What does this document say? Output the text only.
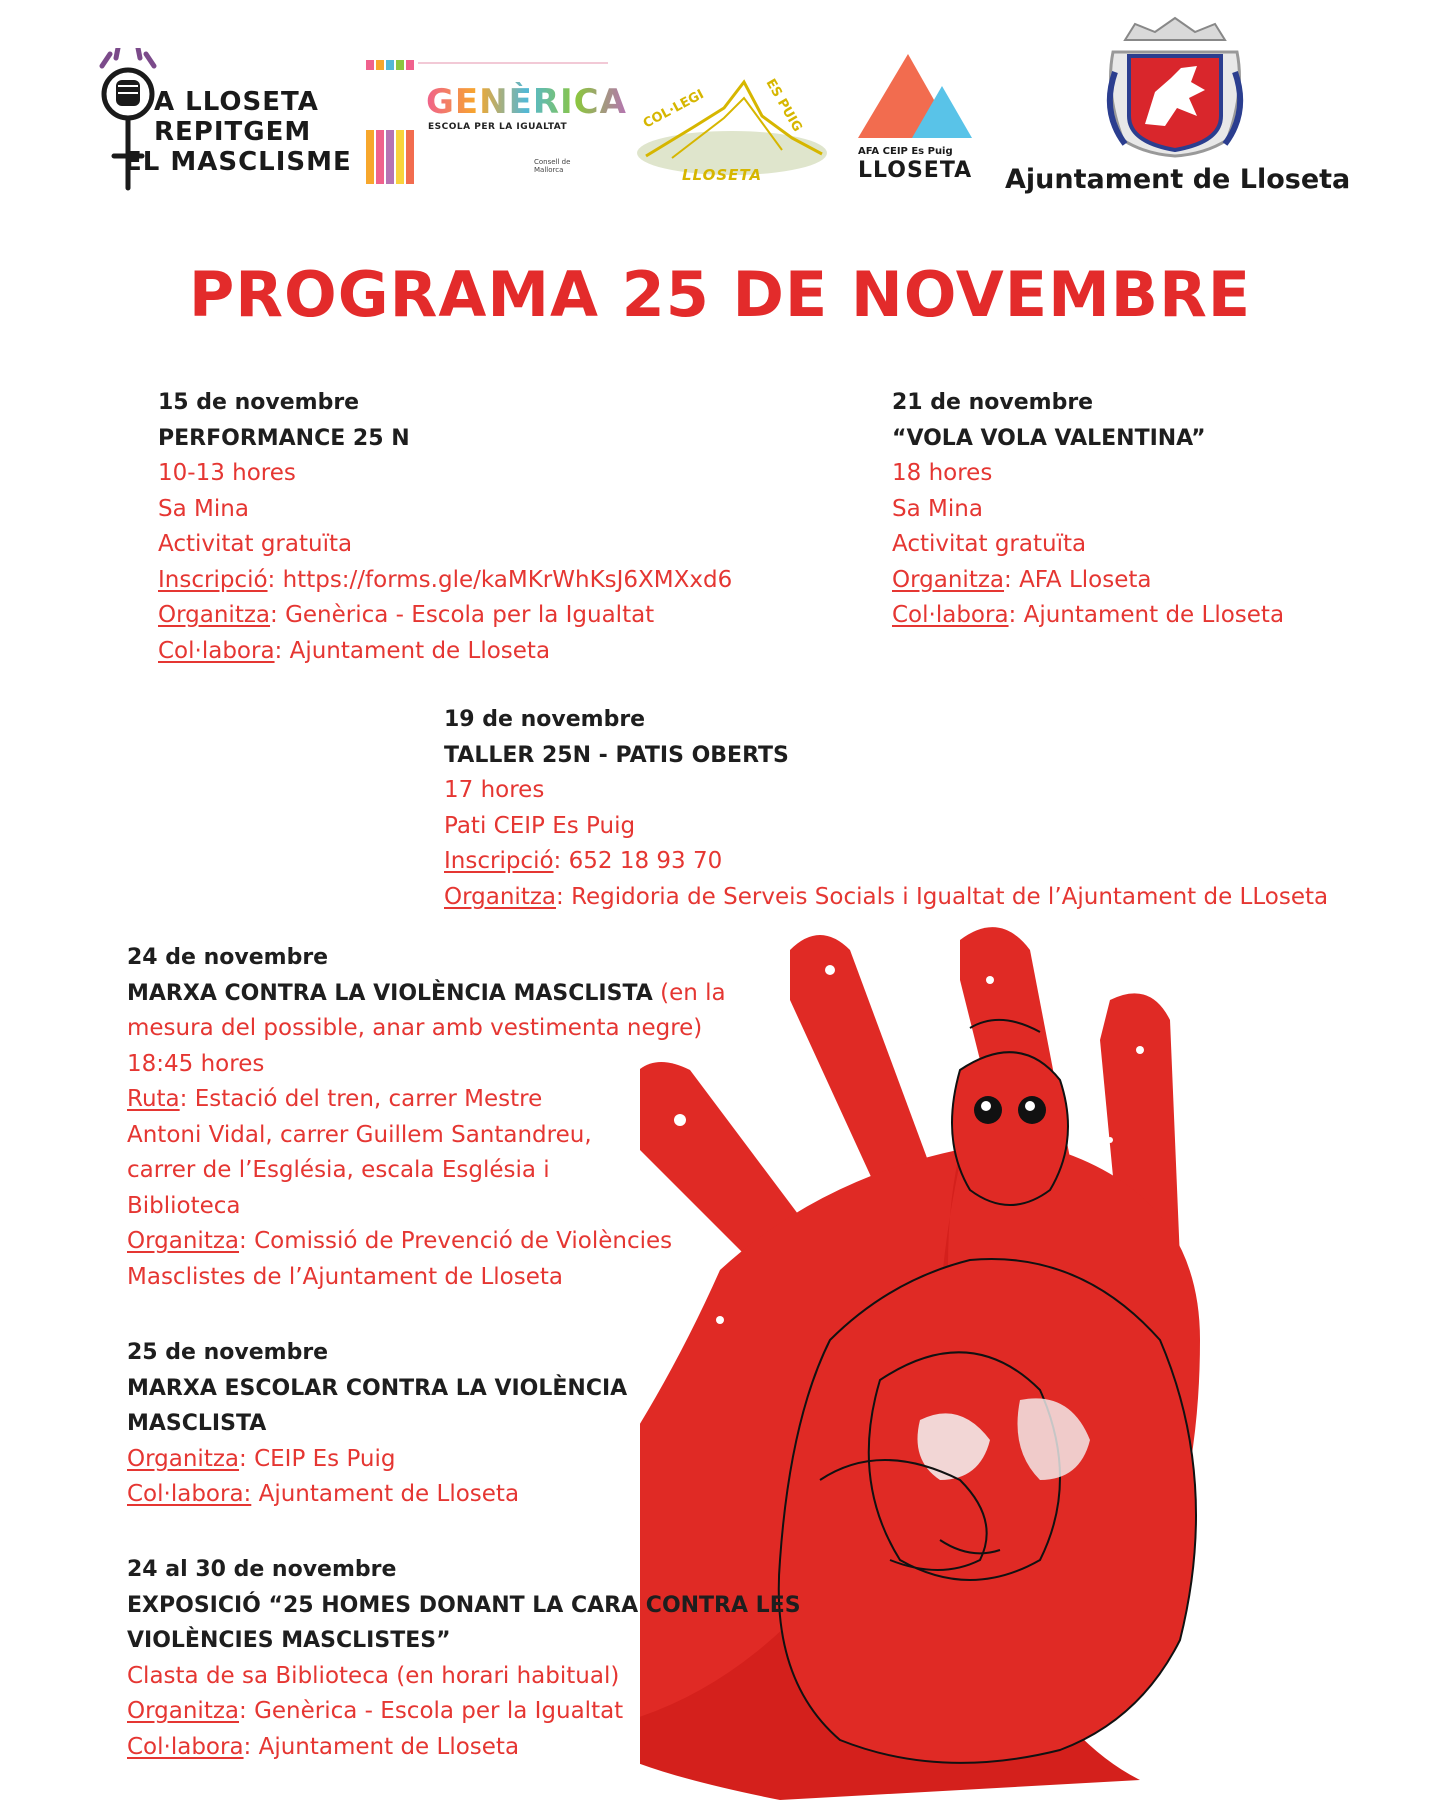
A LLOSETA
REPITGEM
EL MASCLISME
GENÈRICA
ESCOLA PER LA IGUALTAT
Consell de Mallorca
COL·LEGI	ES PUIG
LLOSETA
AFA CEIP Es Puig
LLOSETA Ajuntament de Lloseta
PROGRAMA 25 DE NOVEMBRE
15 de novembre
PERFORMANCE 25 N
10-13 hores
Sa Mina
Activitat gratuïta
Inscripció: https://forms.gle/kaMKrWhKsJ6XMXxd6
Organitza: Genèrica - Escola per la Igualtat
Col·labora: Ajuntament de Lloseta
21 de novembre
“VOLA VOLA VALENTINA”
18 hores
Sa Mina
Activitat gratuïta
Organitza: AFA Lloseta
Col·labora: Ajuntament de Lloseta
19 de novembre
TALLER 25N - PATIS OBERTS
17 hores
Pati CEIP Es Puig
Inscripció: 652 18 93 70
Organitza: Regidoria de Serveis Socials i Igualtat de l’Ajuntament de LLoseta
24 de novembre
MARXA CONTRA LA VIOLÈNCIA MASCLISTA (en la mesura del possible, anar amb vestimenta negre)
18:45 hores
Ruta: Estació del tren, carrer Mestre Antoni Vidal, carrer Guillem Santandreu, carrer de l’Església, escala Església i Biblioteca
Organitza: Comissió de Prevenció de Violències Masclistes de l’Ajuntament de Lloseta
25 de novembre
MARXA ESCOLAR CONTRA LA VIOLÈNCIA MASCLISTA
Organitza: CEIP Es Puig
Col·labora: Ajuntament de Lloseta
24 al 30 de novembre
EXPOSICIÓ “25 HOMES DONANT LA CARA CONTRA LES VIOLÈNCIES MASCLISTES”
Clasta de sa Biblioteca (en horari habitual)
Organitza: Genèrica - Escola per la Igualtat
Col·labora: Ajuntament de Lloseta
